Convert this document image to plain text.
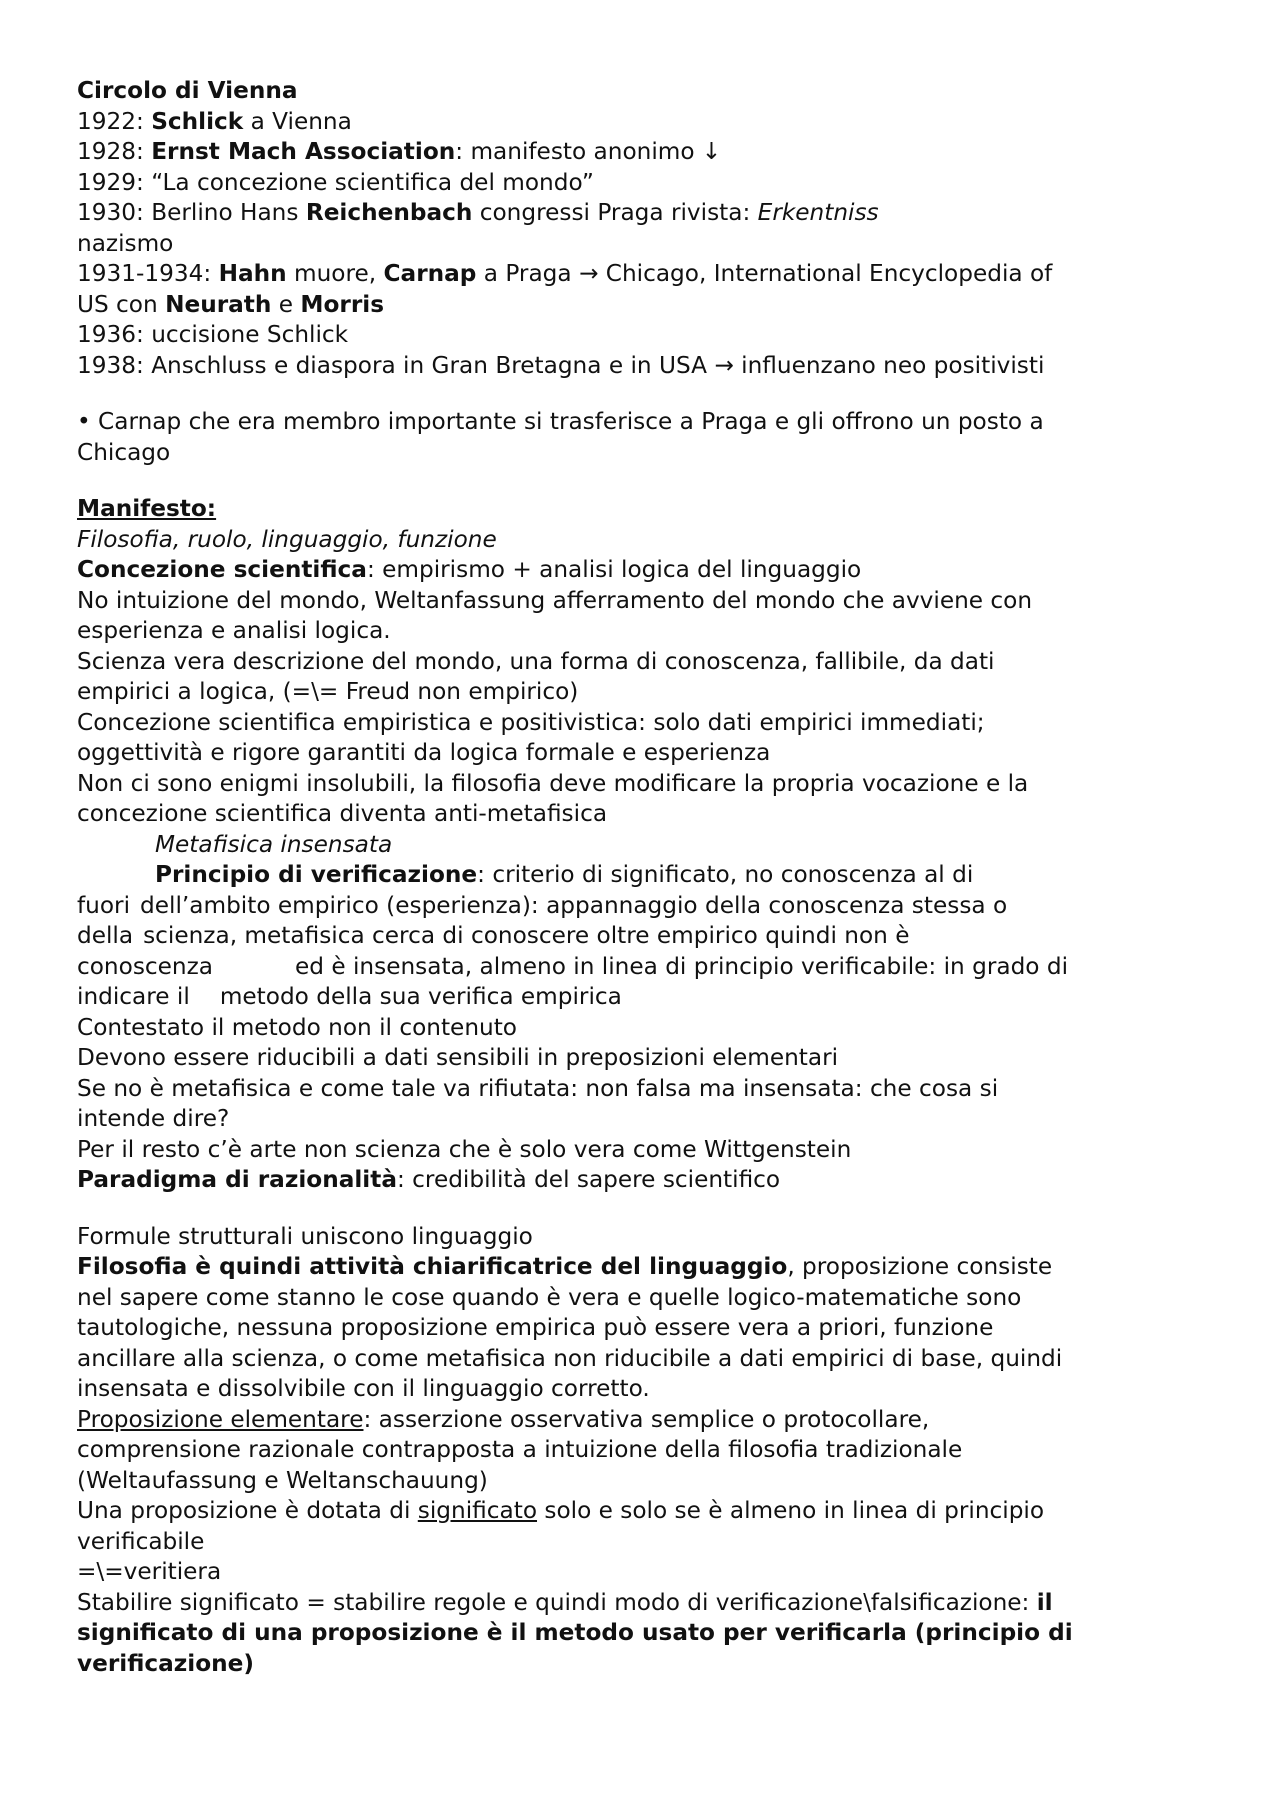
Circolo di Vienna
1922: Schlick a Vienna
1928: Ernst Mach Association: manifesto anonimo ↓
1929: “La concezione scientifica del mondo”
1930: Berlino Hans Reichenbach congressi Praga rivista: Erkentniss
nazismo
1931-1934: Hahn muore, Carnap a Praga → Chicago, International Encyclopedia of
US con Neurath e Morris
1936: uccisione Schlick
1938: Anschluss e diaspora in Gran Bretagna e in USA → influenzano neo positivisti
• Carnap che era membro importante si trasferisce a Praga e gli offrono un posto a
Chicago
Manifesto:
Filosofia, ruolo, linguaggio, funzione
Concezione scientifica: empirismo + analisi logica del linguaggio
No intuizione del mondo, Weltanfassung afferramento del mondo che avviene con
esperienza e analisi logica.
Scienza vera descrizione del mondo, una forma di conoscenza, fallibile, da dati
empirici a logica, (=\= Freud non empirico)
Concezione scientifica empiristica e positivistica: solo dati empirici immediati;
oggettività e rigore garantiti da logica formale e esperienza
Non ci sono enigmi insolubili, la filosofia deve modificare la propria vocazione e la
concezione scientifica diventa anti-metafisica
Metafisica insensata
Principio di verificazione: criterio di significato, no conoscenza al di
fuori dell’ambito empirico (esperienza): appannaggio della conoscenza stessa o
della scienza, metafisica cerca di conoscere oltre empirico quindi non è
conoscenza	ed è insensata, almeno in linea di principio verificabile: in grado di
indicare il metodo della sua verifica empirica
Contestato il metodo non il contenuto
Devono essere riducibili a dati sensibili in preposizioni elementari
Se no è metafisica e come tale va rifiutata: non falsa ma insensata: che cosa si
intende dire?
Per il resto c’è arte non scienza che è solo vera come Wittgenstein
Paradigma di razionalità: credibilità del sapere scientifico
Formule strutturali uniscono linguaggio
Filosofia è quindi attività chiarificatrice del linguaggio, proposizione consiste
nel sapere come stanno le cose quando è vera e quelle logico-matematiche sono
tautologiche, nessuna proposizione empirica può essere vera a priori, funzione
ancillare alla scienza, o come metafisica non riducibile a dati empirici di base, quindi
insensata e dissolvibile con il linguaggio corretto.
Proposizione elementare: asserzione osservativa semplice o protocollare,
comprensione razionale contrapposta a intuizione della filosofia tradizionale
(Weltaufassung e Weltanschauung)
Una proposizione è dotata di significato solo e solo se è almeno in linea di principio
verificabile
=\=veritiera
Stabilire significato = stabilire regole e quindi modo di verificazione\falsificazione: il
significato di una proposizione è il metodo usato per verificarla (principio di
verificazione)
